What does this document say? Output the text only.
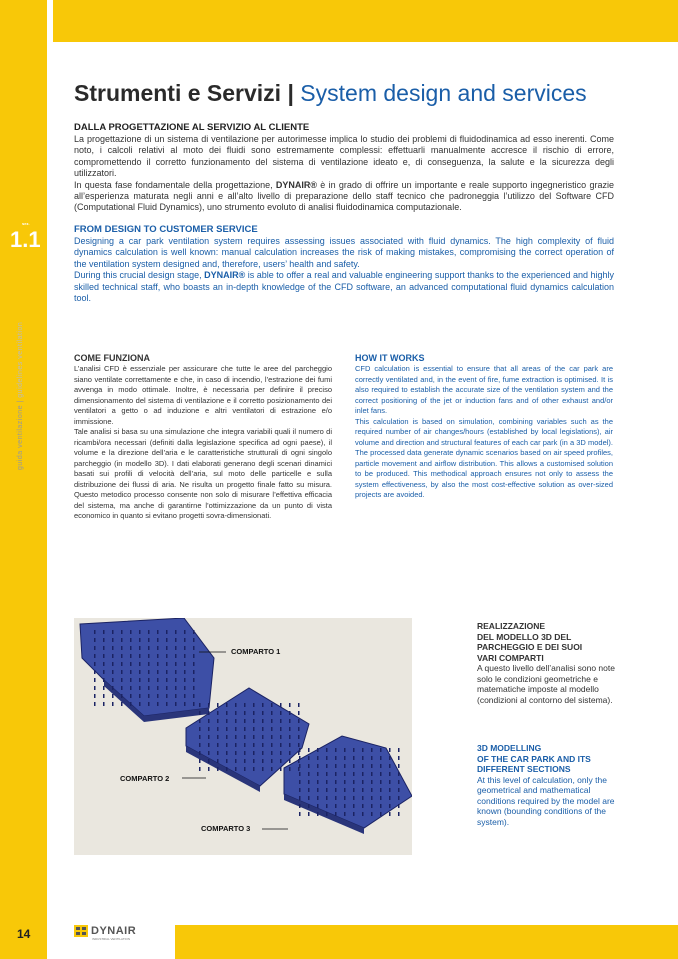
sez.
1.1
guida ventilazione | guidelines ventilation
Strumenti e Servizi | System design and services
DALLA PROGETTAZIONE AL SERVIZIO AL CLIENTE

La progettazione di un sistema di ventilazione per autorimesse implica lo studio dei problemi di fluidodinamica ad esso inerenti. Come noto, i calcoli relativi al moto dei fluidi sono estremamente complessi: effettuarli manualmente accresce il rischio di errore, compromettendo il corretto funzionamento del sistema di ventilazione ideato e, di conseguenza, la salute e la sicurezza degli utilizzatori.

In questa fase fondamentale della progettazione, DYNAIR® è in grado di offrire un importante e reale supporto ingegneristico grazie all’esperienza maturata negli anni e all’alto livello di preparazione dello staff tecnico che padroneggia l’utilizzo del Software CFD (Computational Fluid Dynamics), uno strumento evoluto di analisi fluidodinamica computazionale.

FROM DESIGN TO CUSTOMER SERVICE

Designing a car park ventilation system requires assessing issues associated with fluid dynamics. The high complexity of fluid dynamics calculation is well known: manual calculation increases the risk of making mistakes, compromising the correct operation of the ventilation system designed and, therefore, users’ health and safety.

During this crucial design stage, DYNAIR® is able to offer a real and valuable engineering support thanks to the experienced and highly skilled technical staff, who boasts an in-depth knowledge of the CFD software, an advanced computational fluid dynamics calculation tool.

COME FUNZIONA

L’analisi CFD è essenziale per assicurare che tutte le aree del parcheggio siano ventilate correttamente e che, in caso di incendio, l’estrazione dei fumi avvenga in modo ottimale. Inoltre, è necessaria per definire il preciso dimensionamento del sistema di ventilazione e il corretto posizionamento dei ventilatori a getto o ad induzione e altri ventilatori di estrazione e/o immissione.

Tale analisi si basa su una simulazione che integra variabili quali il numero di ricambi/ora necessari (definiti dalla legislazione specifica ad ogni paese), il volume e la direzione dell’aria e le caratteristiche strutturali di ogni singolo parcheggio (in modello 3D). I dati elaborati generano degli scenari dinamici basati sui profili di velocità dell’aria, sul moto delle particelle e sulla distribuzione dei flussi di aria. Ne risulta un progetto finale fatto su misura. Questo metodico processo consente non solo di misurare l’effettiva efficacia del sistema, ma anche di garantirne l’ottimizzazione da un punto di vista economico in quanto si evitano progetti sovra-dimensionati.

HOW IT WORKS

CFD calculation is essential to ensure that all areas of the car park are correctly ventilated and, in the event of fire, fume extraction is optimised. It is also required to establish the accurate size of the ventilation system and the correct positioning of the jet or induction fans and of other exhaust and/or inlet fans.

This calculation is based on simulation, combining variables such as the required number of air changes/hours (established by local legislations), air volume and direction and structural features of each car park (in a 3D model). The processed data generate dynamic scenarios based on air speed profiles, particle movement and airflow distribution. This allows a customised solution to be produced. This methodical approach ensures not only to assess the system effectiveness, by also the most cost-effective solution as over-sized projects are avoided.

COMPARTO 1
COMPARTO 2
COMPARTO 3
REALIZZAZIONE
DEL MODELLO 3D DEL
PARCHEGGIO E DEI SUOI
VARI COMPARTI

A questo livello dell’analisi sono note solo le condizioni geometriche e matematiche imposte al modello (condizioni al contorno del sistema).

3D MODELLING
OF THE CAR PARK AND ITS
DIFFERENT SECTIONS

At this level of calculation, only the geometrical and mathematical conditions required by the model are known (bounding conditions of the system).

14	DYNAIR
INDUSTRIAL VENTILATION
